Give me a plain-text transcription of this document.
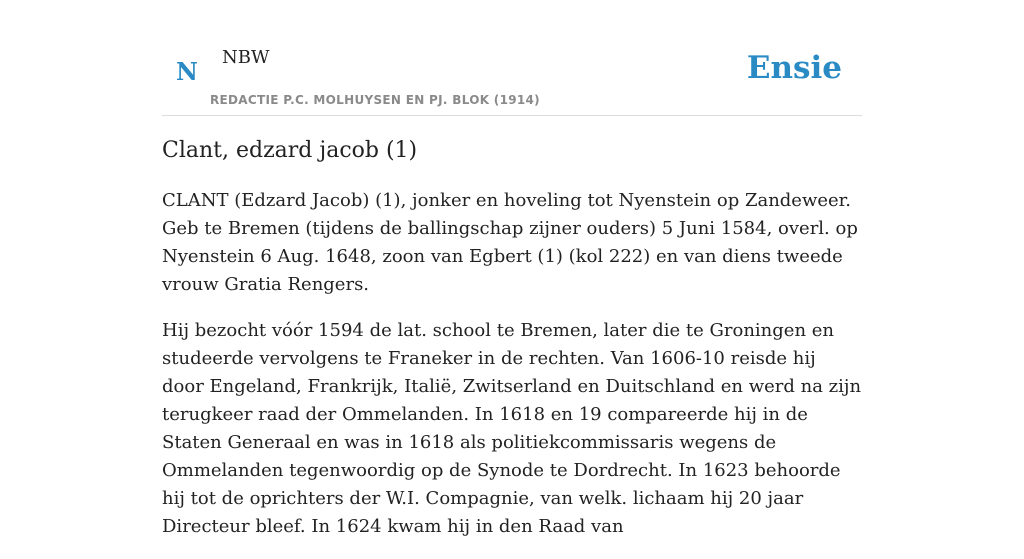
N NBW
REDACTIE P.C. MOLHUYSEN EN PJ. BLOK (1914)
Ensie
Clant, edzard jacob (1)

CLANT (Edzard Jacob) (1), jonker en hoveling tot Nyenstein op Zandeweer. Geb te Bremen (tijdens de ballingschap zijner ouders) 5 Juni 1584, overl. op Nyenstein 6 Aug. 1648, zoon van Egbert (1) (kol 222) en van diens tweede vrouw Gratia Rengers.

Hij bezocht vóór 1594 de lat. school te Bremen, later die te Groningen en studeerde vervolgens te Franeker in de rechten. Van 1606-10 reisde hij door Engeland, Frankrijk, Italië, Zwitserland en Duitschland en werd na zijn terugkeer raad der Ommelanden. In 1618 en 19 compareerde hij in de Staten Generaal en was in 1618 als politiekcommissaris wegens de Ommelanden tegenwoordig op de Synode te Dordrecht. In 1623 behoorde hij tot de oprichters der W.I. Compagnie, van welk. lichaam hij 20 jaar Directeur bleef. In 1624 kwam hij in den Raad van
